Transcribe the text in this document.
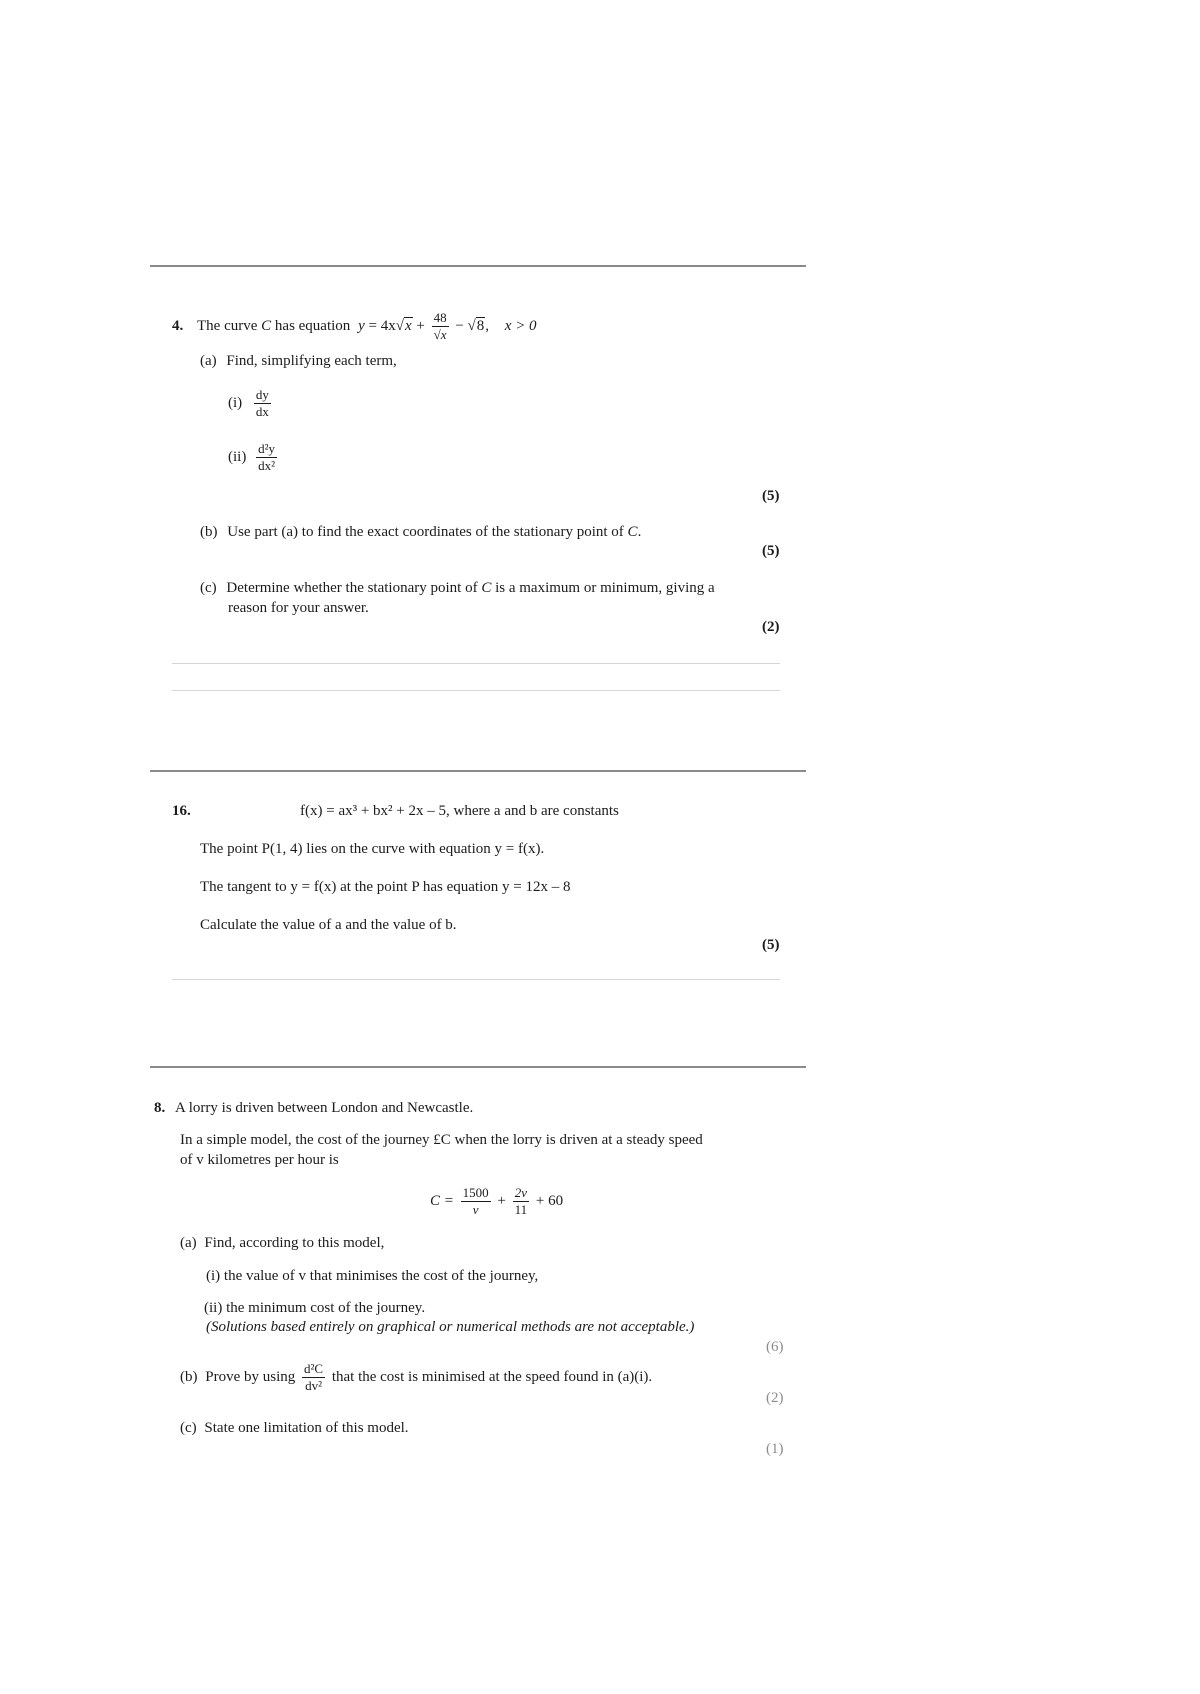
4. The curve C has equation $y = 4x√x + \frac{48}{√x} - √8$, x > 0
(a) Find, simplifying each term,
$(i) \frac{dy}{dx}$
$(ii) \frac{\text{d²y}}{\text{dx²}}$
(5)
(b) Use part (a) to find the exact coordinates of the stationary point of C.
(5)
(c) Determine whether the stationary point of C is a maximum or minimum, giving a
reason for your answer.
(2)
16.	f(x) = ax³ + bx² + 2x – 5, where a and b are constants
The point P(1, 4) lies on the curve with equation y = f(x).
The tangent to y = f(x) at the point P has equation y = 12x – 8
Calculate the value of a and the value of b.
(5)
8. A lorry is driven between London and Newcastle.
In a simple model, the cost of the journey £C when the lorry is driven at a steady speed
of v kilometres per hour is
$C = \frac{1500}{v} + \frac{2v}{11} + 60$
(a) Find, according to this model,
(i) the value of v that minimises the cost of the journey,
(ii) the minimum cost of the journey.
(Solutions based entirely on graphical or numerical methods are not acceptable.)
(6)
(b) Prove by using $\frac{\text{d²C}}{\text{dv²}}$ that the cost is minimised at the speed found in (a)(i).
(2)
(c) State one limitation of this model.
(1)
